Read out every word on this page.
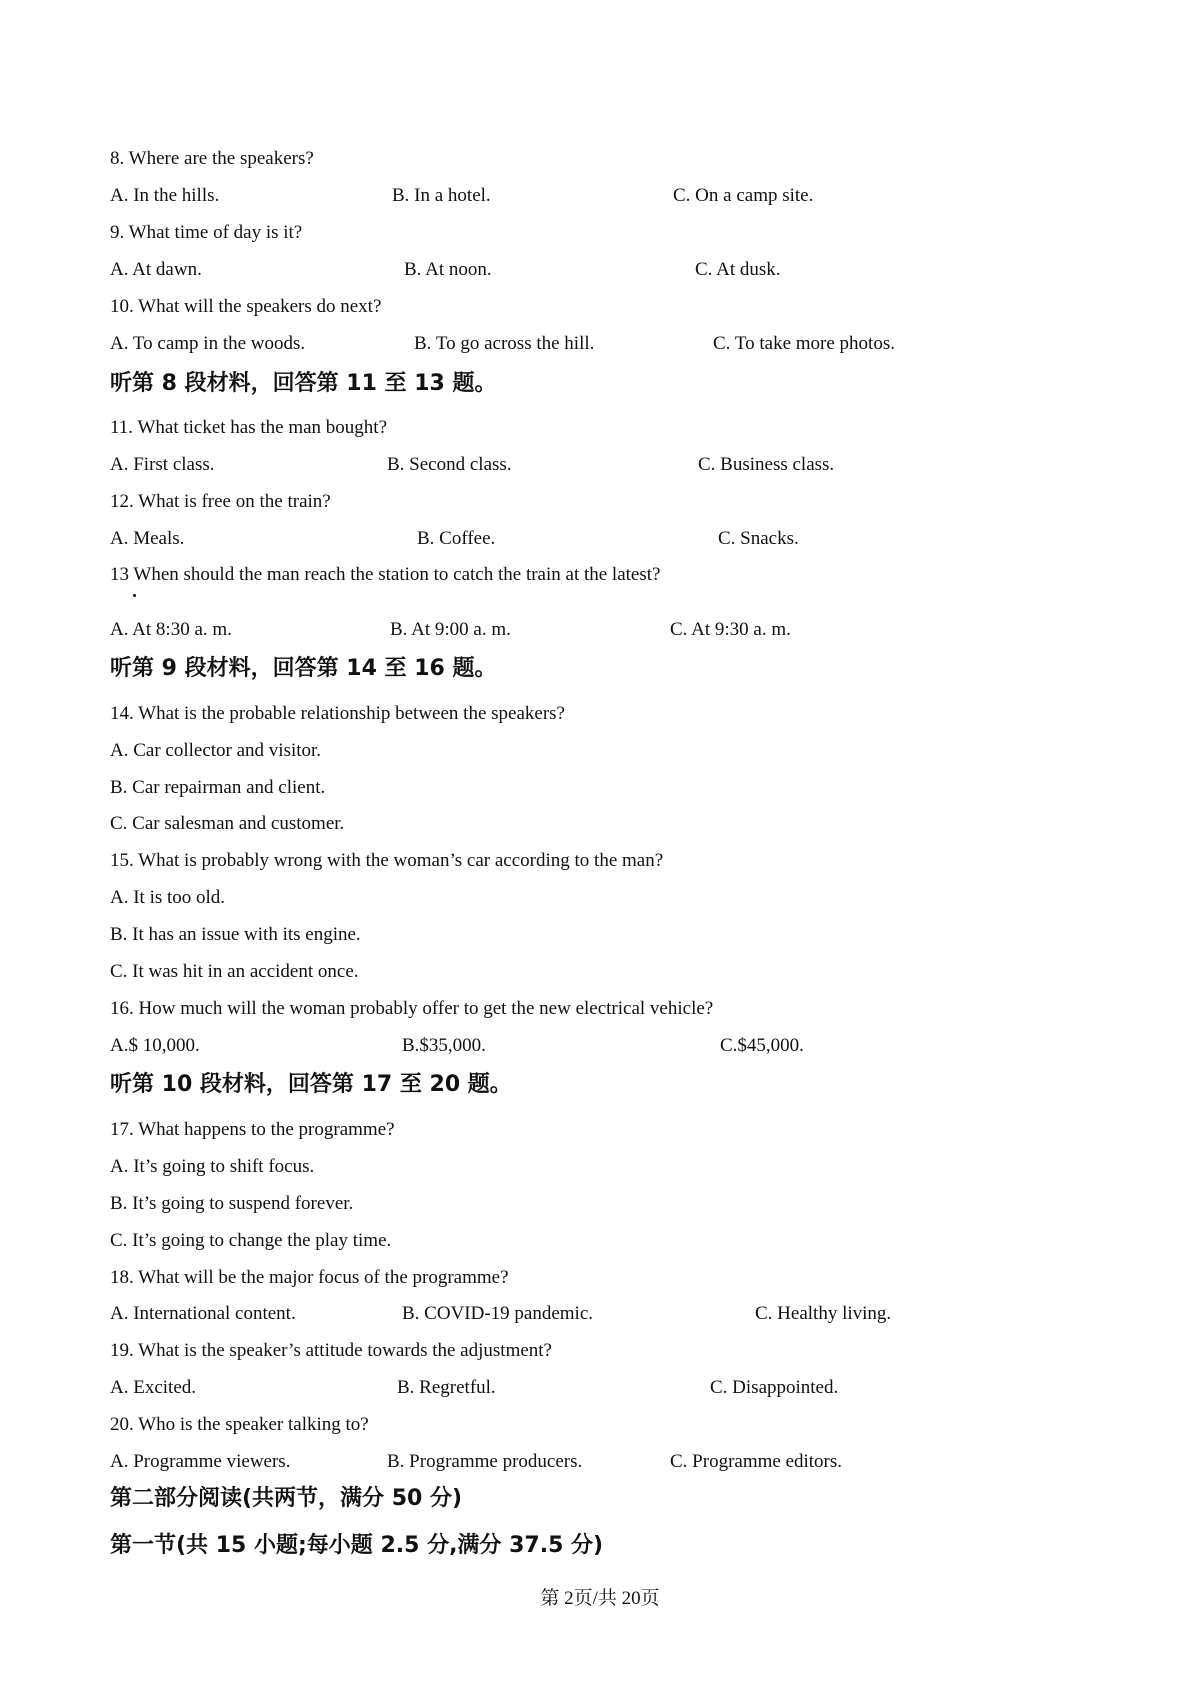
8. Where are the speakers?
A. In the hills.	B. In a hotel.	C. On a camp site.
9. What time of day is it?
A. At dawn.	B. At noon.	C. At dusk.
10. What will the speakers do next?
A. To camp in the woods.	B. To go across the hill.	C. To take more photos.
听第 8 段材料，回答第 11 至 13 题。
11. What ticket has the man bought?
A. First class.	B. Second class.	C. Business class.
12. What is free on the train?
A. Meals.	B. Coffee.	C. Snacks.
13 When should the man reach the station to catch the train at the latest?
A. At 8:30 a. m.	B. At 9:00 a. m.	C. At 9:30 a. m.
听第 9 段材料，回答第 14 至 16 题。
14. What is the probable relationship between the speakers?
A. Car collector and visitor.
B. Car repairman and client.
C. Car salesman and customer.
15. What is probably wrong with the woman’s car according to the man?
A. It is too old.
B. It has an issue with its engine.
C. It was hit in an accident once.
16. How much will the woman probably offer to get the new electrical vehicle?
A.$ 10,000.	B.$35,000.	C.$45,000.
听第 10 段材料，回答第 17 至 20 题。
17. What happens to the programme?
A. It’s going to shift focus.
B. It’s going to suspend forever.
C. It’s going to change the play time.
18. What will be the major focus of the programme?
A. International content.	B. COVID-19 pandemic.	C. Healthy living.
19. What is the speaker’s attitude towards the adjustment?
A. Excited.	B. Regretful.	C. Disappointed.
20. Who is the speaker talking to?
A. Programme viewers.	B. Programme producers.	C. Programme editors.
第二部分阅读(共两节，满分 50 分)
第一节(共 15 小题;每小题 2.5 分,满分 37.5 分)
第 2页/共 20页
